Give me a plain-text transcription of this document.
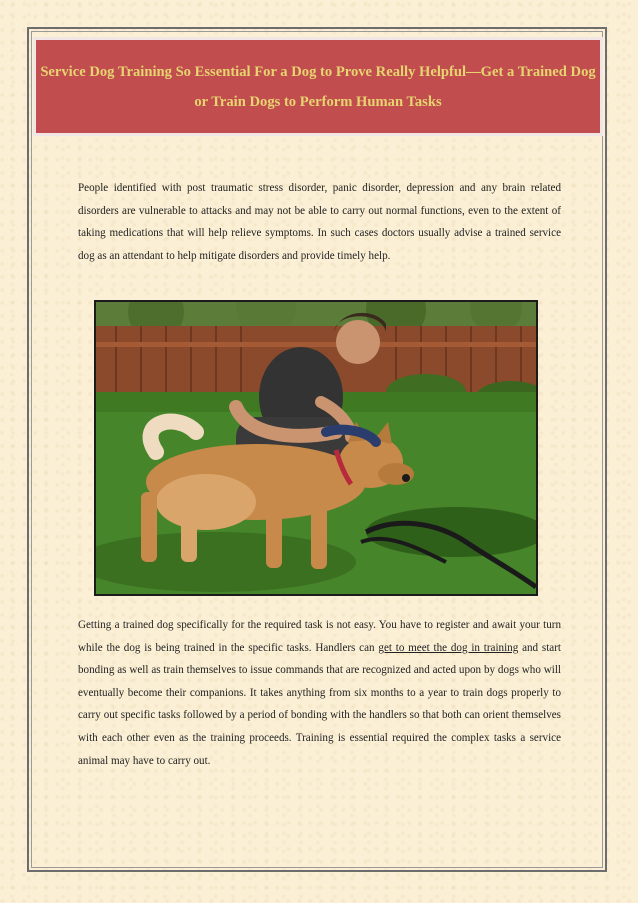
Service Dog Training So Essential For a Dog to Prove Really Helpful—Get a Trained Dog or Train Dogs to Perform Human Tasks

People identified with post traumatic stress disorder, panic disorder, depression and any brain related disorders are vulnerable to attacks and may not be able to carry out normal functions, even to the extent of taking medications that will help relieve symptoms. In such cases doctors usually advise a trained service dog as an attendant to help mitigate disorders and provide timely help.

Getting a trained dog specifically for the required task is not easy. You have to register and await your turn while the dog is being trained in the specific tasks. Handlers can get to meet the dog in training and start bonding as well as train themselves to issue commands that are recognized and acted upon by dogs who will eventually become their companions. It takes anything from six months to a year to train dogs properly to carry out specific tasks followed by a period of bonding with the handlers so that both can orient themselves with each other even as the training proceeds. Training is essential required the complex tasks a service animal may have to carry out.
